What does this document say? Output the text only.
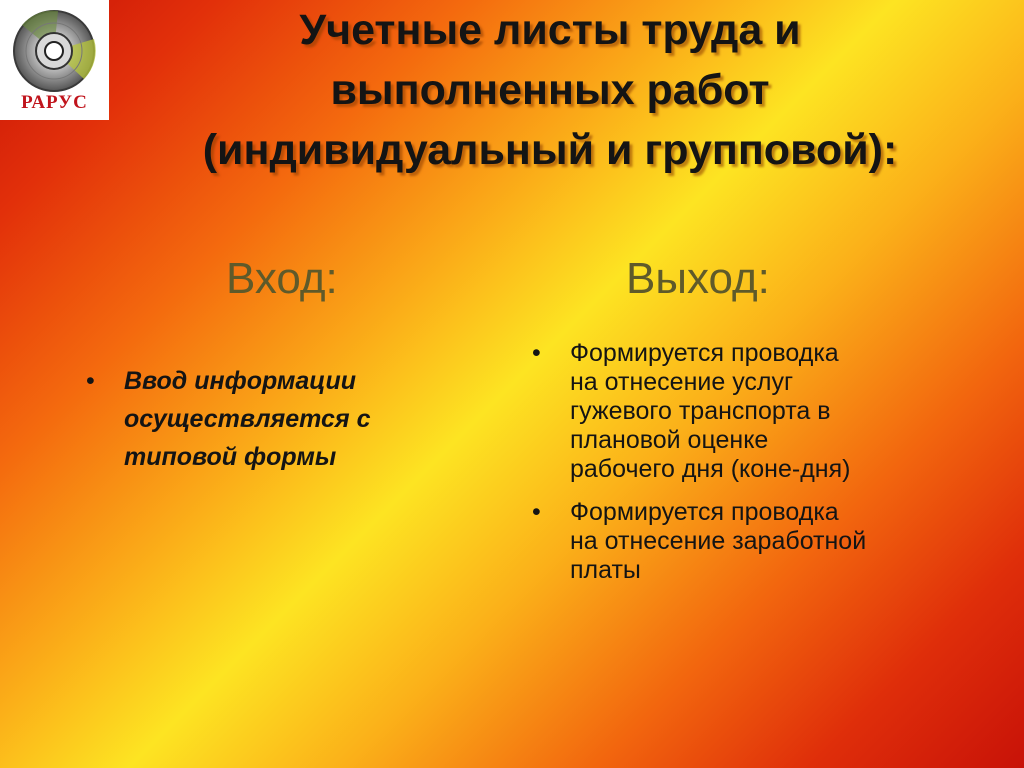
РАРУС
Учетные листы труда и
выполненных работ
(индивидуальный и групповой):
Вход:	Выход:
• Ввод информации
осуществляется с
типовой формы
• Формируется проводка
на отнесение услуг
гужевого транспорта в
плановой оценке
рабочего дня (коне-дня)
• Формируется проводка
на отнесение заработной
платы
